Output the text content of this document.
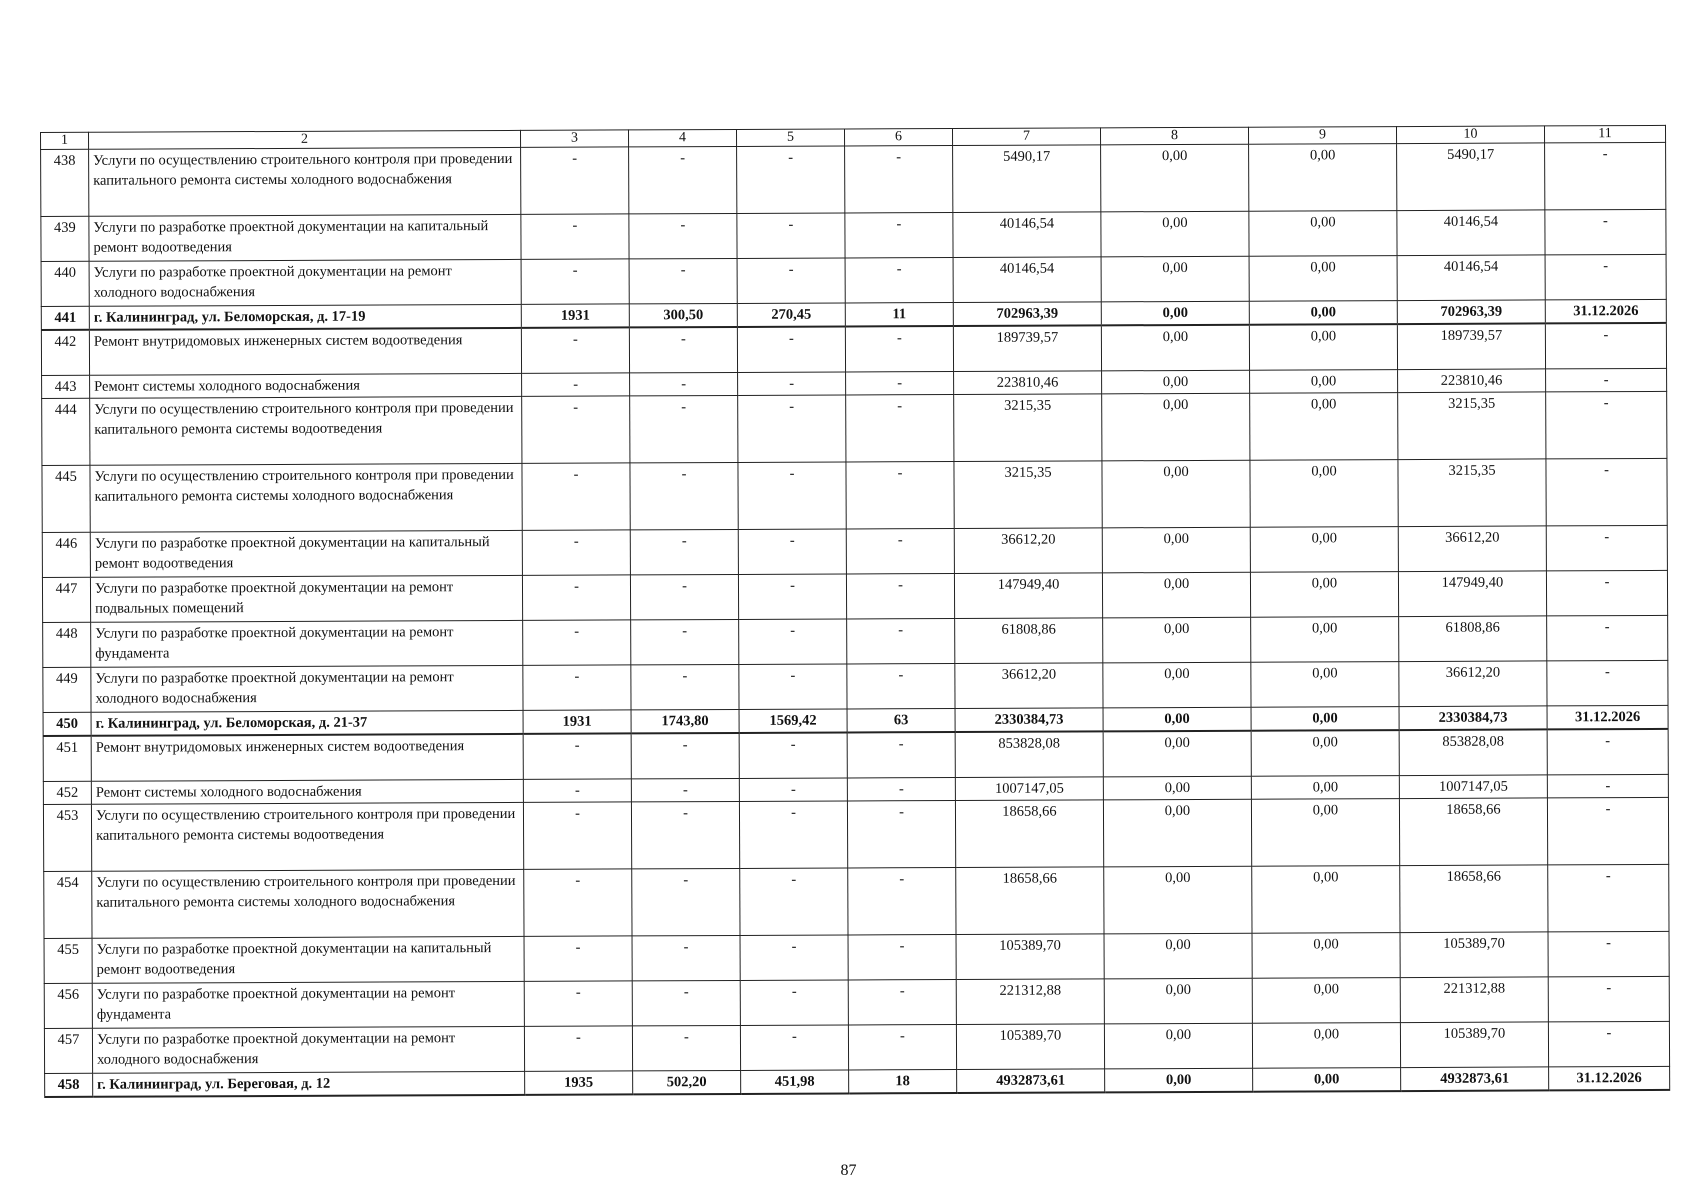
1	2	3	4	5	6	7	8	9	10	11
438	Услуги по осуществлению строительного контроля при проведении капитального ремонта системы холодного водоснабжения	-	-	-	-	5490,17	0,00	0,00	5490,17	-
439	Услуги по разработке проектной документации на капитальный ремонт водоотведения	-	-	-	-	40146,54	0,00	0,00	40146,54	-
440	Услуги по разработке проектной документации на ремонт холодного водоснабжения	-	-	-	-	40146,54	0,00	0,00	40146,54	-
441	г. Калининград, ул. Беломорская, д. 17-19	1931	300,50	270,45	11	702963,39	0,00	0,00	702963,39	31.12.2026
442	Ремонт внутридомовых инженерных систем водоотведения	-	-	-	-	189739,57	0,00	0,00	189739,57	-
443	Ремонт системы холодного водоснабжения	-	-	-	-	223810,46	0,00	0,00	223810,46	-
444	Услуги по осуществлению строительного контроля при проведении капитального ремонта системы водоотведения	-	-	-	-	3215,35	0,00	0,00	3215,35	-
445	Услуги по осуществлению строительного контроля при проведении капитального ремонта системы холодного водоснабжения	-	-	-	-	3215,35	0,00	0,00	3215,35	-
446	Услуги по разработке проектной документации на капитальный ремонт водоотведения	-	-	-	-	36612,20	0,00	0,00	36612,20	-
447	Услуги по разработке проектной документации на ремонт подвальных помещений	-	-	-	-	147949,40	0,00	0,00	147949,40	-
448	Услуги по разработке проектной документации на ремонт фундамента	-	-	-	-	61808,86	0,00	0,00	61808,86	-
449	Услуги по разработке проектной документации на ремонт холодного водоснабжения	-	-	-	-	36612,20	0,00	0,00	36612,20	-
450	г. Калининград, ул. Беломорская, д. 21-37	1931	1743,80	1569,42	63	2330384,73	0,00	0,00	2330384,73	31.12.2026
451	Ремонт внутридомовых инженерных систем водоотведения	-	-	-	-	853828,08	0,00	0,00	853828,08	-
452	Ремонт системы холодного водоснабжения	-	-	-	-	1007147,05	0,00	0,00	1007147,05	-
453	Услуги по осуществлению строительного контроля при проведении капитального ремонта системы водоотведения	-	-	-	-	18658,66	0,00	0,00	18658,66	-
454	Услуги по осуществлению строительного контроля при проведении капитального ремонта системы холодного водоснабжения	-	-	-	-	18658,66	0,00	0,00	18658,66	-
455	Услуги по разработке проектной документации на капитальный ремонт водоотведения	-	-	-	-	105389,70	0,00	0,00	105389,70	-
456	Услуги по разработке проектной документации на ремонт фундамента	-	-	-	-	221312,88	0,00	0,00	221312,88	-
457	Услуги по разработке проектной документации на ремонт холодного водоснабжения	-	-	-	-	105389,70	0,00	0,00	105389,70	-
458	г. Калининград, ул. Береговая, д. 12	1935	502,20	451,98	18	4932873,61	0,00	0,00	4932873,61	31.12.2026
87
